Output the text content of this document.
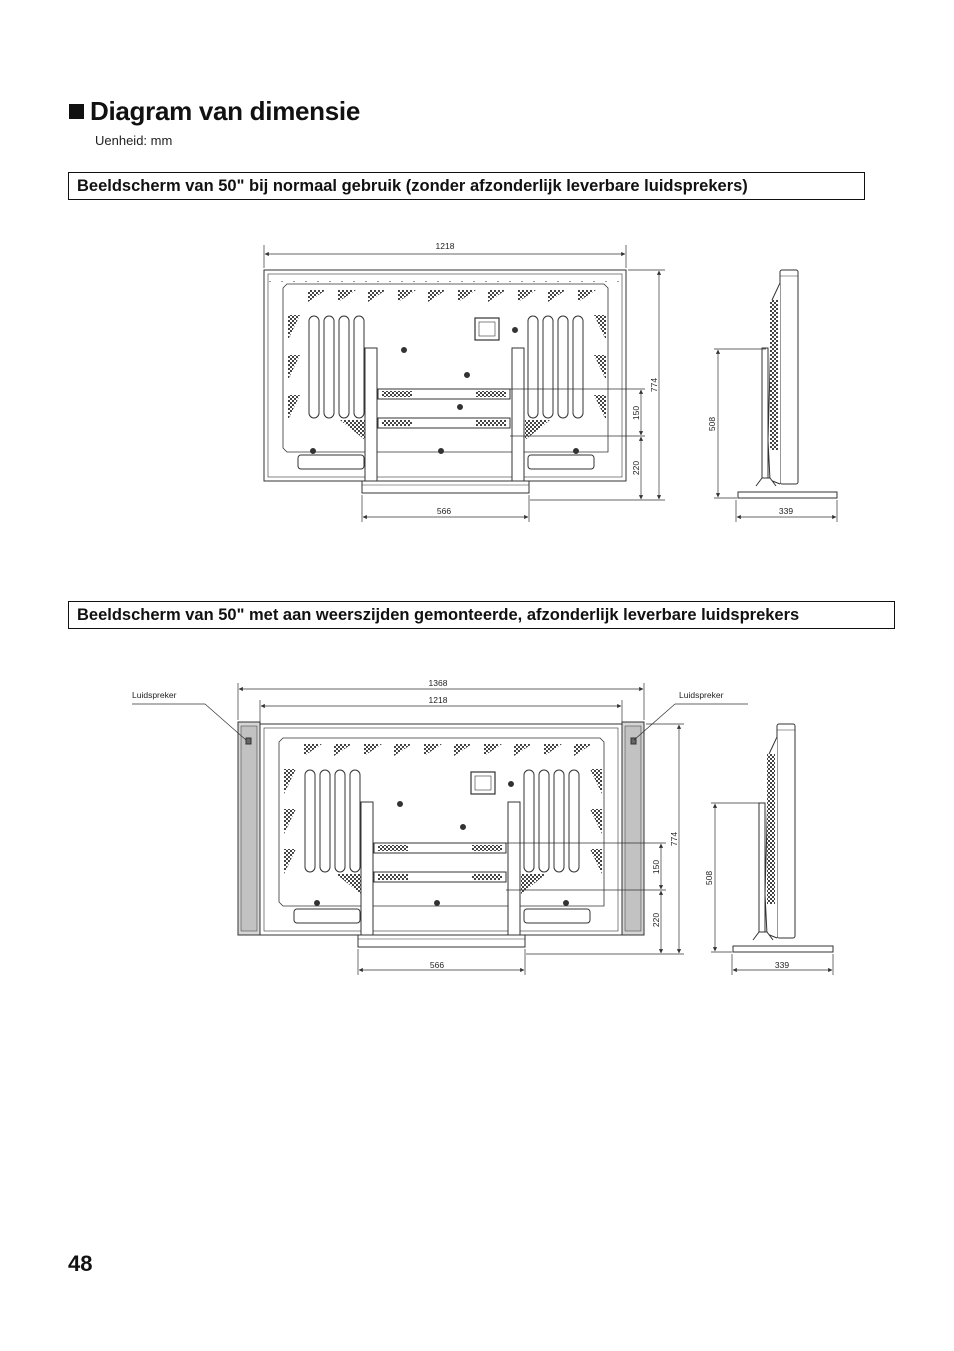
Diagram van dimensie
Uenheid: mm
Beeldscherm van 50" bij normaal gebruik (zonder afzonderlijk leverbare luidsprekers)
Beeldscherm van 50" met aan weerszijden gemonteerde, afzonderlijk leverbare luidsprekers
48
1218
774
150
220
566
508
339
1368
1218
774
150
220
566
Luidspreker	Luidspreker
508
339
